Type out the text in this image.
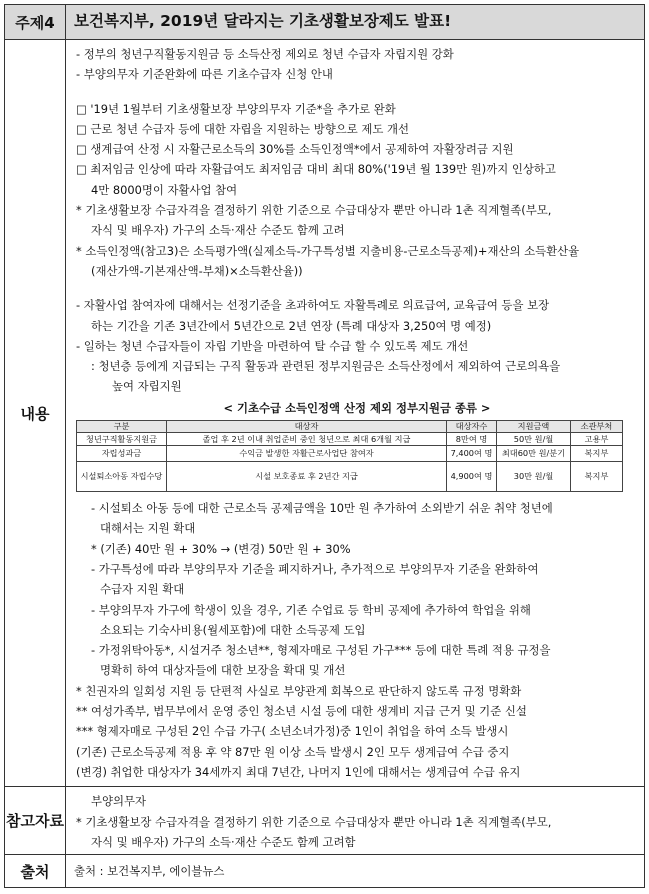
주제4	보건복지부, 2019년 달라지는 기초생활보장제도 발표!
내용	
- 정부의 청년구직활동지원금 등 소득산정 제외로 청년 수급자 자립지원 강화
- 부양의무자 기준완화에 따른 기초수급자 신청 안내
□ '19년 1월부터 기초생활보장 부양의무자 기준*을 추가로 완화
□ 근로 청년 수급자 등에 대한 자립을 지원하는 방향으로 제도 개선
□ 생계급여 산정 시 자활근로소득의 30%를 소득인정액*에서 공제하여 자활장려금 지원
□ 최저임금 인상에 따라 자활급여도 최저임금 대비 최대 80%('19년 월 139만 원)까지 인상하고
4만 8000명이 자활사업 참여
* 기초생활보장 수급자격을 결정하기 위한 기준으로 수급대상자 뿐만 아니라 1촌 직계혈족(부모,
자식 및 배우자) 가구의 소득·재산 수준도 함께 고려
* 소득인정액(참고3)은 소득평가액(실제소득-가구특성별 지출비용-근로소득공제)+재산의 소득환산율
(재산가액-기본재산액-부채)×소득환산율))
- 자활사업 참여자에 대해서는 선정기준을 초과하여도 자활특례로 의료급여, 교육급여 등을 보장
하는 기간을 기존 3년간에서 5년간으로 2년 연장 (특례 대상자 3,250여 명 예정)
- 일하는 청년 수급자들이 자립 기반을 마련하여 탈 수급 할 수 있도록 제도 개선
: 청년층 등에게 지급되는 구직 활동과 관련된 정부지원금은 소득산정에서 제외하여 근로의욕을
높여 자립지원
< 기초수급 소득인정액 산정 제외 정부지원금 종류 >
구분	대상자	대상자수	지원금액	소관부처
청년구직활동지원금	졸업 후 2년 이내 취업준비 중인 청년으로 최대 6개월 지급	8만여 명	50만 원/월	고용부
자립성과금	수익금 발생한 자활근로사업단 참여자	7,400여 명	최대60만 원/분기	복지부
시설퇴소아동 자립수당	시설 보호종료 후 2년간 지급	4,900여 명	30만 원/월	복지부
- 시설퇴소 아동 등에 대한 근로소득 공제금액을 10만 원 추가하여 소외받기 쉬운 취약 청년에
대해서는 지원 확대
* (기존) 40만 원 + 30% → (변경) 50만 원 + 30%
- 가구특성에 따라 부양의무자 기준을 폐지하거나, 추가적으로 부양의무자 기준을 완화하여
수급자 지원 확대
- 부양의무자 가구에 학생이 있을 경우, 기존 수업료 등 학비 공제에 추가하여 학업을 위해
소요되는 기숙사비용(월세포함)에 대한 소득공제 도입
- 가정위탁아동*, 시설거주 청소년**, 형제자매로 구성된 가구*** 등에 대한 특례 적용 규정을
명확히 하여 대상자들에 대한 보장을 확대 및 개선
* 친권자의 일회성 지원 등 단편적 사실로 부양관계 회복으로 판단하지 않도록 규정 명확화
** 여성가족부, 법무부에서 운영 중인 청소년 시설 등에 대한 생계비 지급 근거 및 기준 신설
*** 형제자매로 구성된 2인 수급 가구( 소년소녀가정)중 1인이 취업을 하여 소득 발생시
(기존) 근로소득공제 적용 후 약 87만 원 이상 소득 발생시 2인 모두 생계급여 수급 중지
(변경) 취업한 대상자가 34세까지 최대 7년간, 나머지 1인에 대해서는 생계급여 수급 유지

참고자료	
부양의무자
* 기초생활보장 수급자격을 결정하기 위한 기준으로 수급대상자 뿐만 아니라 1촌 직계혈족(부모,
자식 및 배우자) 가구의 소득·재산 수준도 함께 고려함

출처	출처 : 보건복지부, 에이블뉴스
